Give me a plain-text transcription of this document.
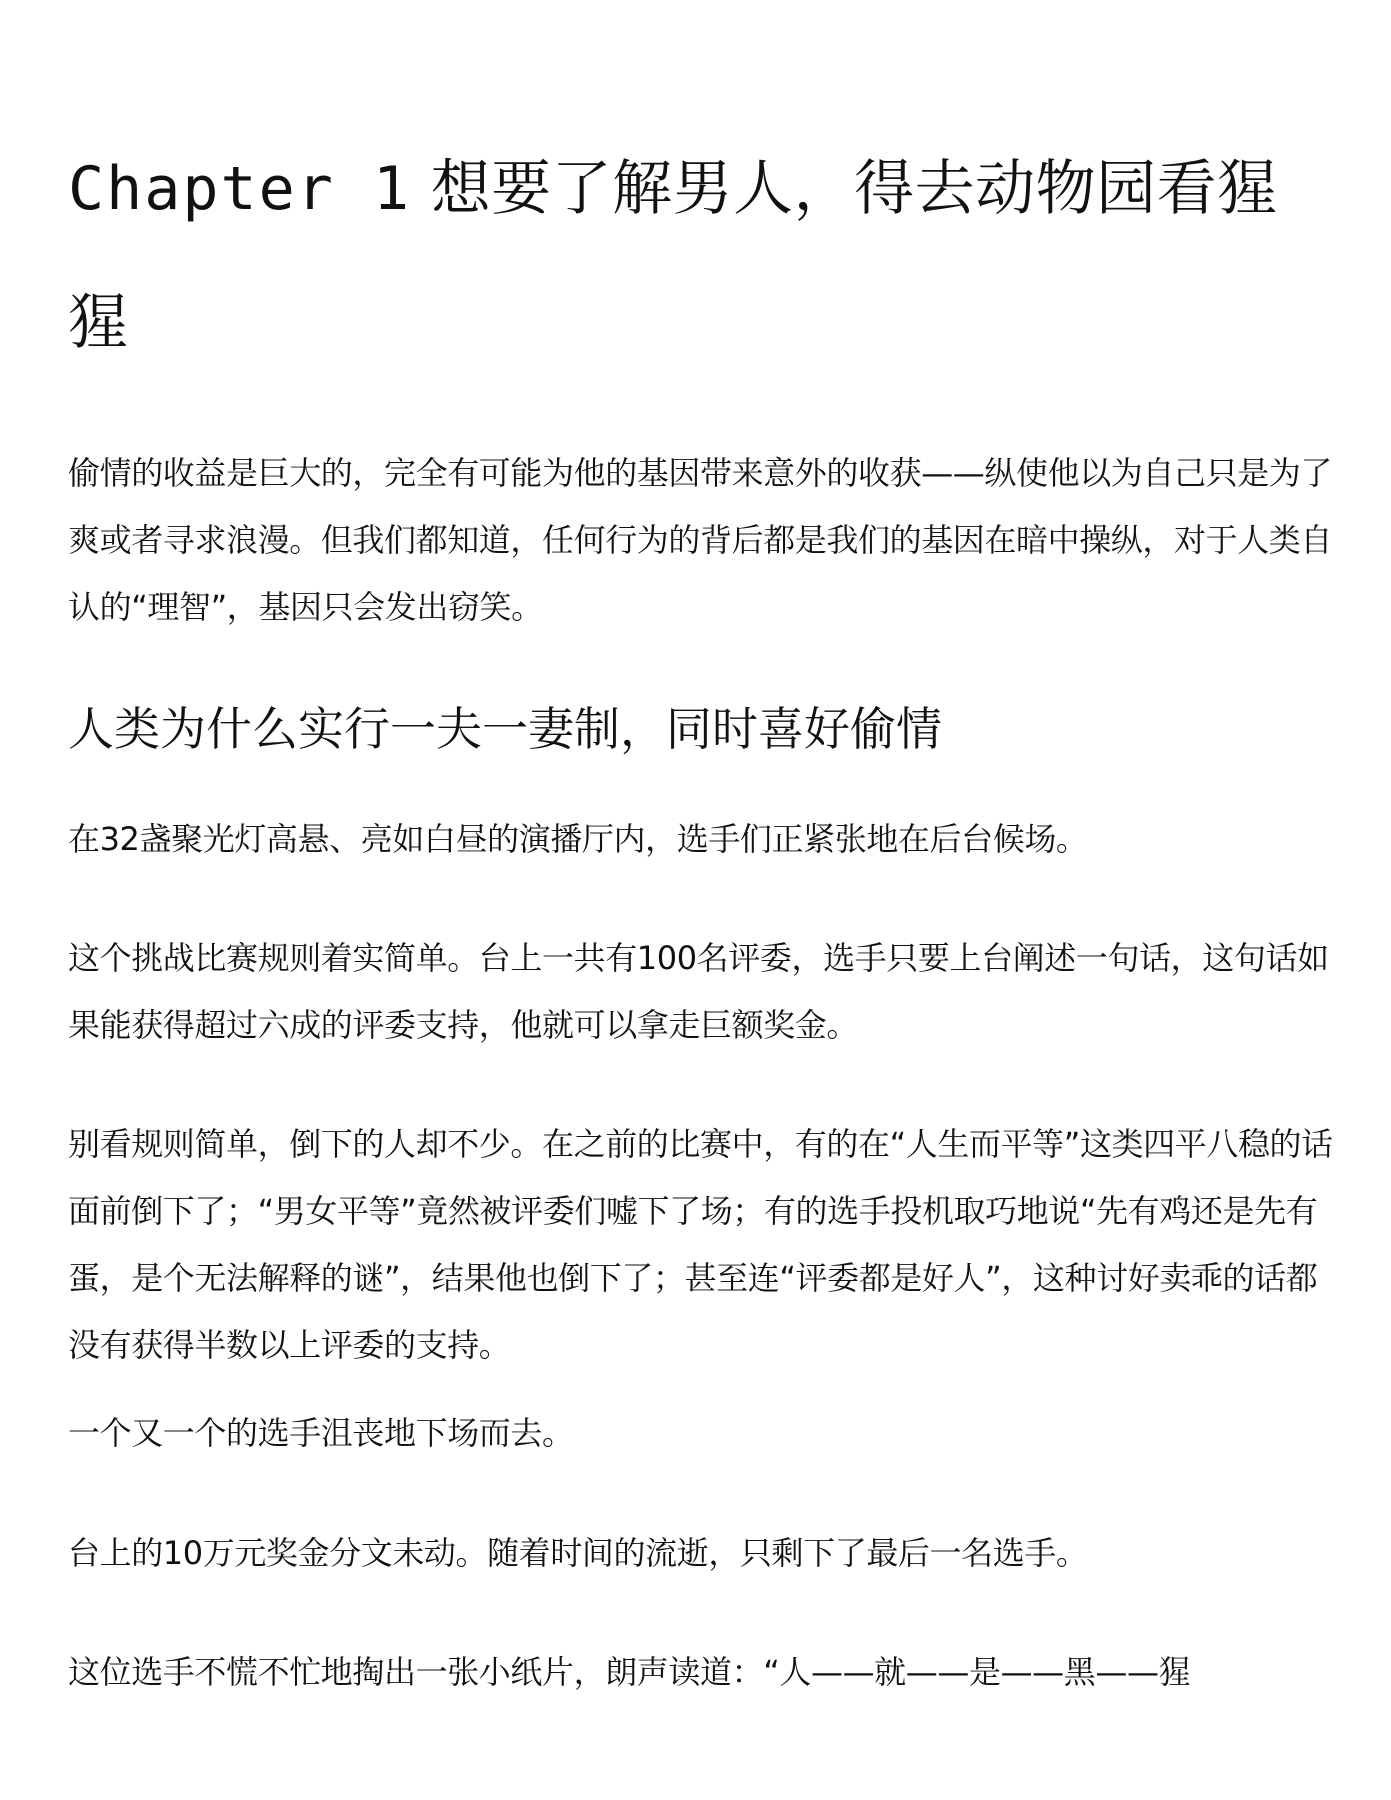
Chapter 1 想要了解男人，得去动物园看猩猩

偷情的收益是巨大的，完全有可能为他的基因带来意外的收获——纵使他以为自己只是为了爽或者寻求浪漫。但我们都知道，任何行为的背后都是我们的基因在暗中操纵，对于人类自认的“理智”，基因只会发出窃笑。

人类为什么实行一夫一妻制，同时喜好偷情

在32盏聚光灯高悬、亮如白昼的演播厅内，选手们正紧张地在后台候场。

这个挑战比赛规则着实简单。台上一共有100名评委，选手只要上台阐述一句话，这句话如果能获得超过六成的评委支持，他就可以拿走巨额奖金。

别看规则简单，倒下的人却不少。在之前的比赛中，有的在“人生而平等”这类四平八稳的话面前倒下了；“男女平等”竟然被评委们嘘下了场；有的选手投机取巧地说“先有鸡还是先有蛋，是个无法解释的谜”，结果他也倒下了；甚至连“评委都是好人”，这种讨好卖乖的话都没有获得半数以上评委的支持。

一个又一个的选手沮丧地下场而去。

台上的10万元奖金分文未动。随着时间的流逝，只剩下了最后一名选手。

这位选手不慌不忙地掏出一张小纸片，朗声读道：“人——就——是——黑——猩
